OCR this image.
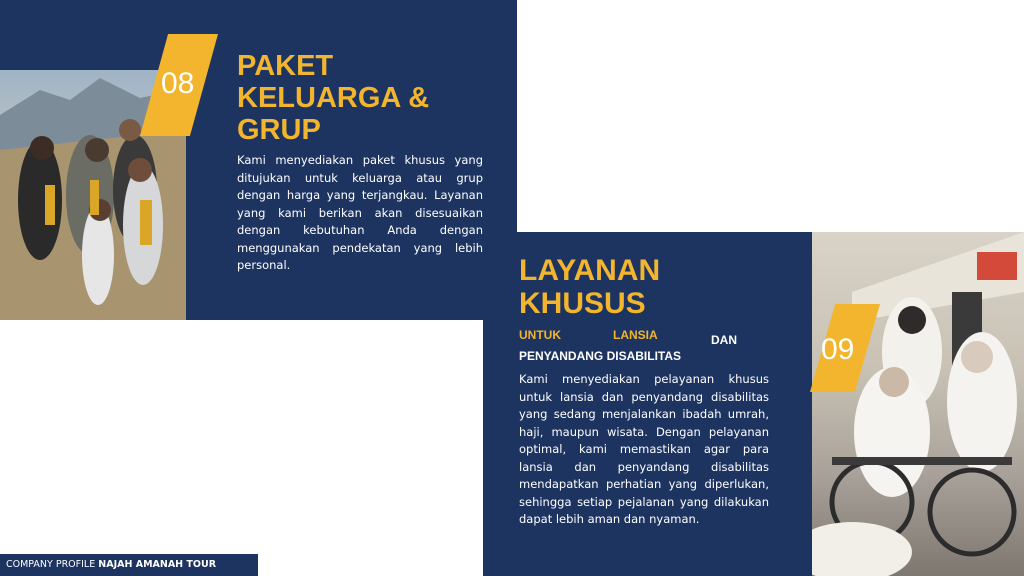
08
PAKET KELUARGA & GRUP

Kami menyediakan paket khusus yang ditujukan untuk keluarga atau grup dengan harga yang terjangkau. Layanan yang kami berikan akan disesuaikan dengan kebutuhan Anda dengan menggunakan pendekatan yang lebih personal.	LAYANAN KHUSUS
UNTUK	LANSIA	DAN
PENYANDANG DISABILITAS

Kami menyediakan pelayanan khusus untuk lansia dan penyandang disabilitas yang sedang menjalankan ibadah umrah, haji, maupun wisata. Dengan pelayanan optimal, kami memastikan agar para lansia dan penyandang disabilitas mendapatkan perhatian yang diperlukan, sehingga setiap pejalanan yang dilakukan dapat lebih aman dan nyaman.

09
COMPANY PROFILE NAJAH AMANAH TOUR
